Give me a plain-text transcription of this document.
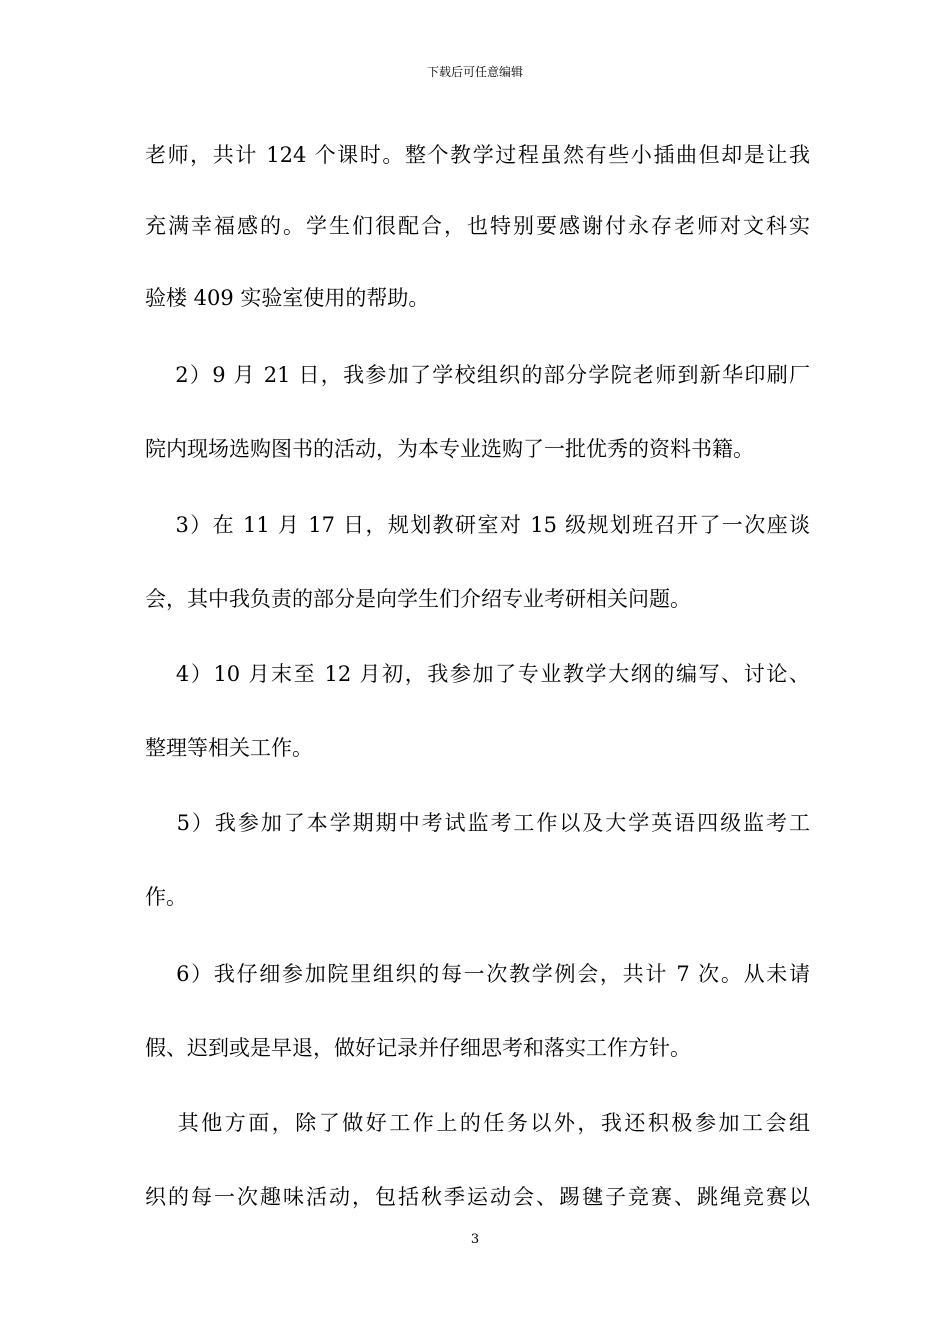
下载后可任意编辑
老师，共计 124 个课时。整个教学过程虽然有些小插曲但却是让我
充满幸福感的。学生们很配合，也特别要感谢付永存老师对文科实
验楼 409 实验室使用的帮助。
　 2）9 月 21 日，我参加了学校组织的部分学院老师到新华印刷厂
院内现场选购图书的活动，为本专业选购了一批优秀的资料书籍。
　 3）在 11 月 17 日，规划教研室对 15 级规划班召开了一次座谈
会，其中我负责的部分是向学生们介绍专业考研相关问题。
　 4）10 月末至 12 月初，我参加了专业教学大纲的编写、讨论、
整理等相关工作。
　 5）我参加了本学期期中考试监考工作以及大学英语四级监考工
作。
　 6）我仔细参加院里组织的每一次教学例会，共计 7 次。从未请
假、迟到或是早退，做好记录并仔细思考和落实工作方针。
　 其他方面，除了做好工作上的任务以外，我还积极参加工会组
织的每一次趣味活动，包括秋季运动会、踢毽子竞赛、跳绳竞赛以
3
